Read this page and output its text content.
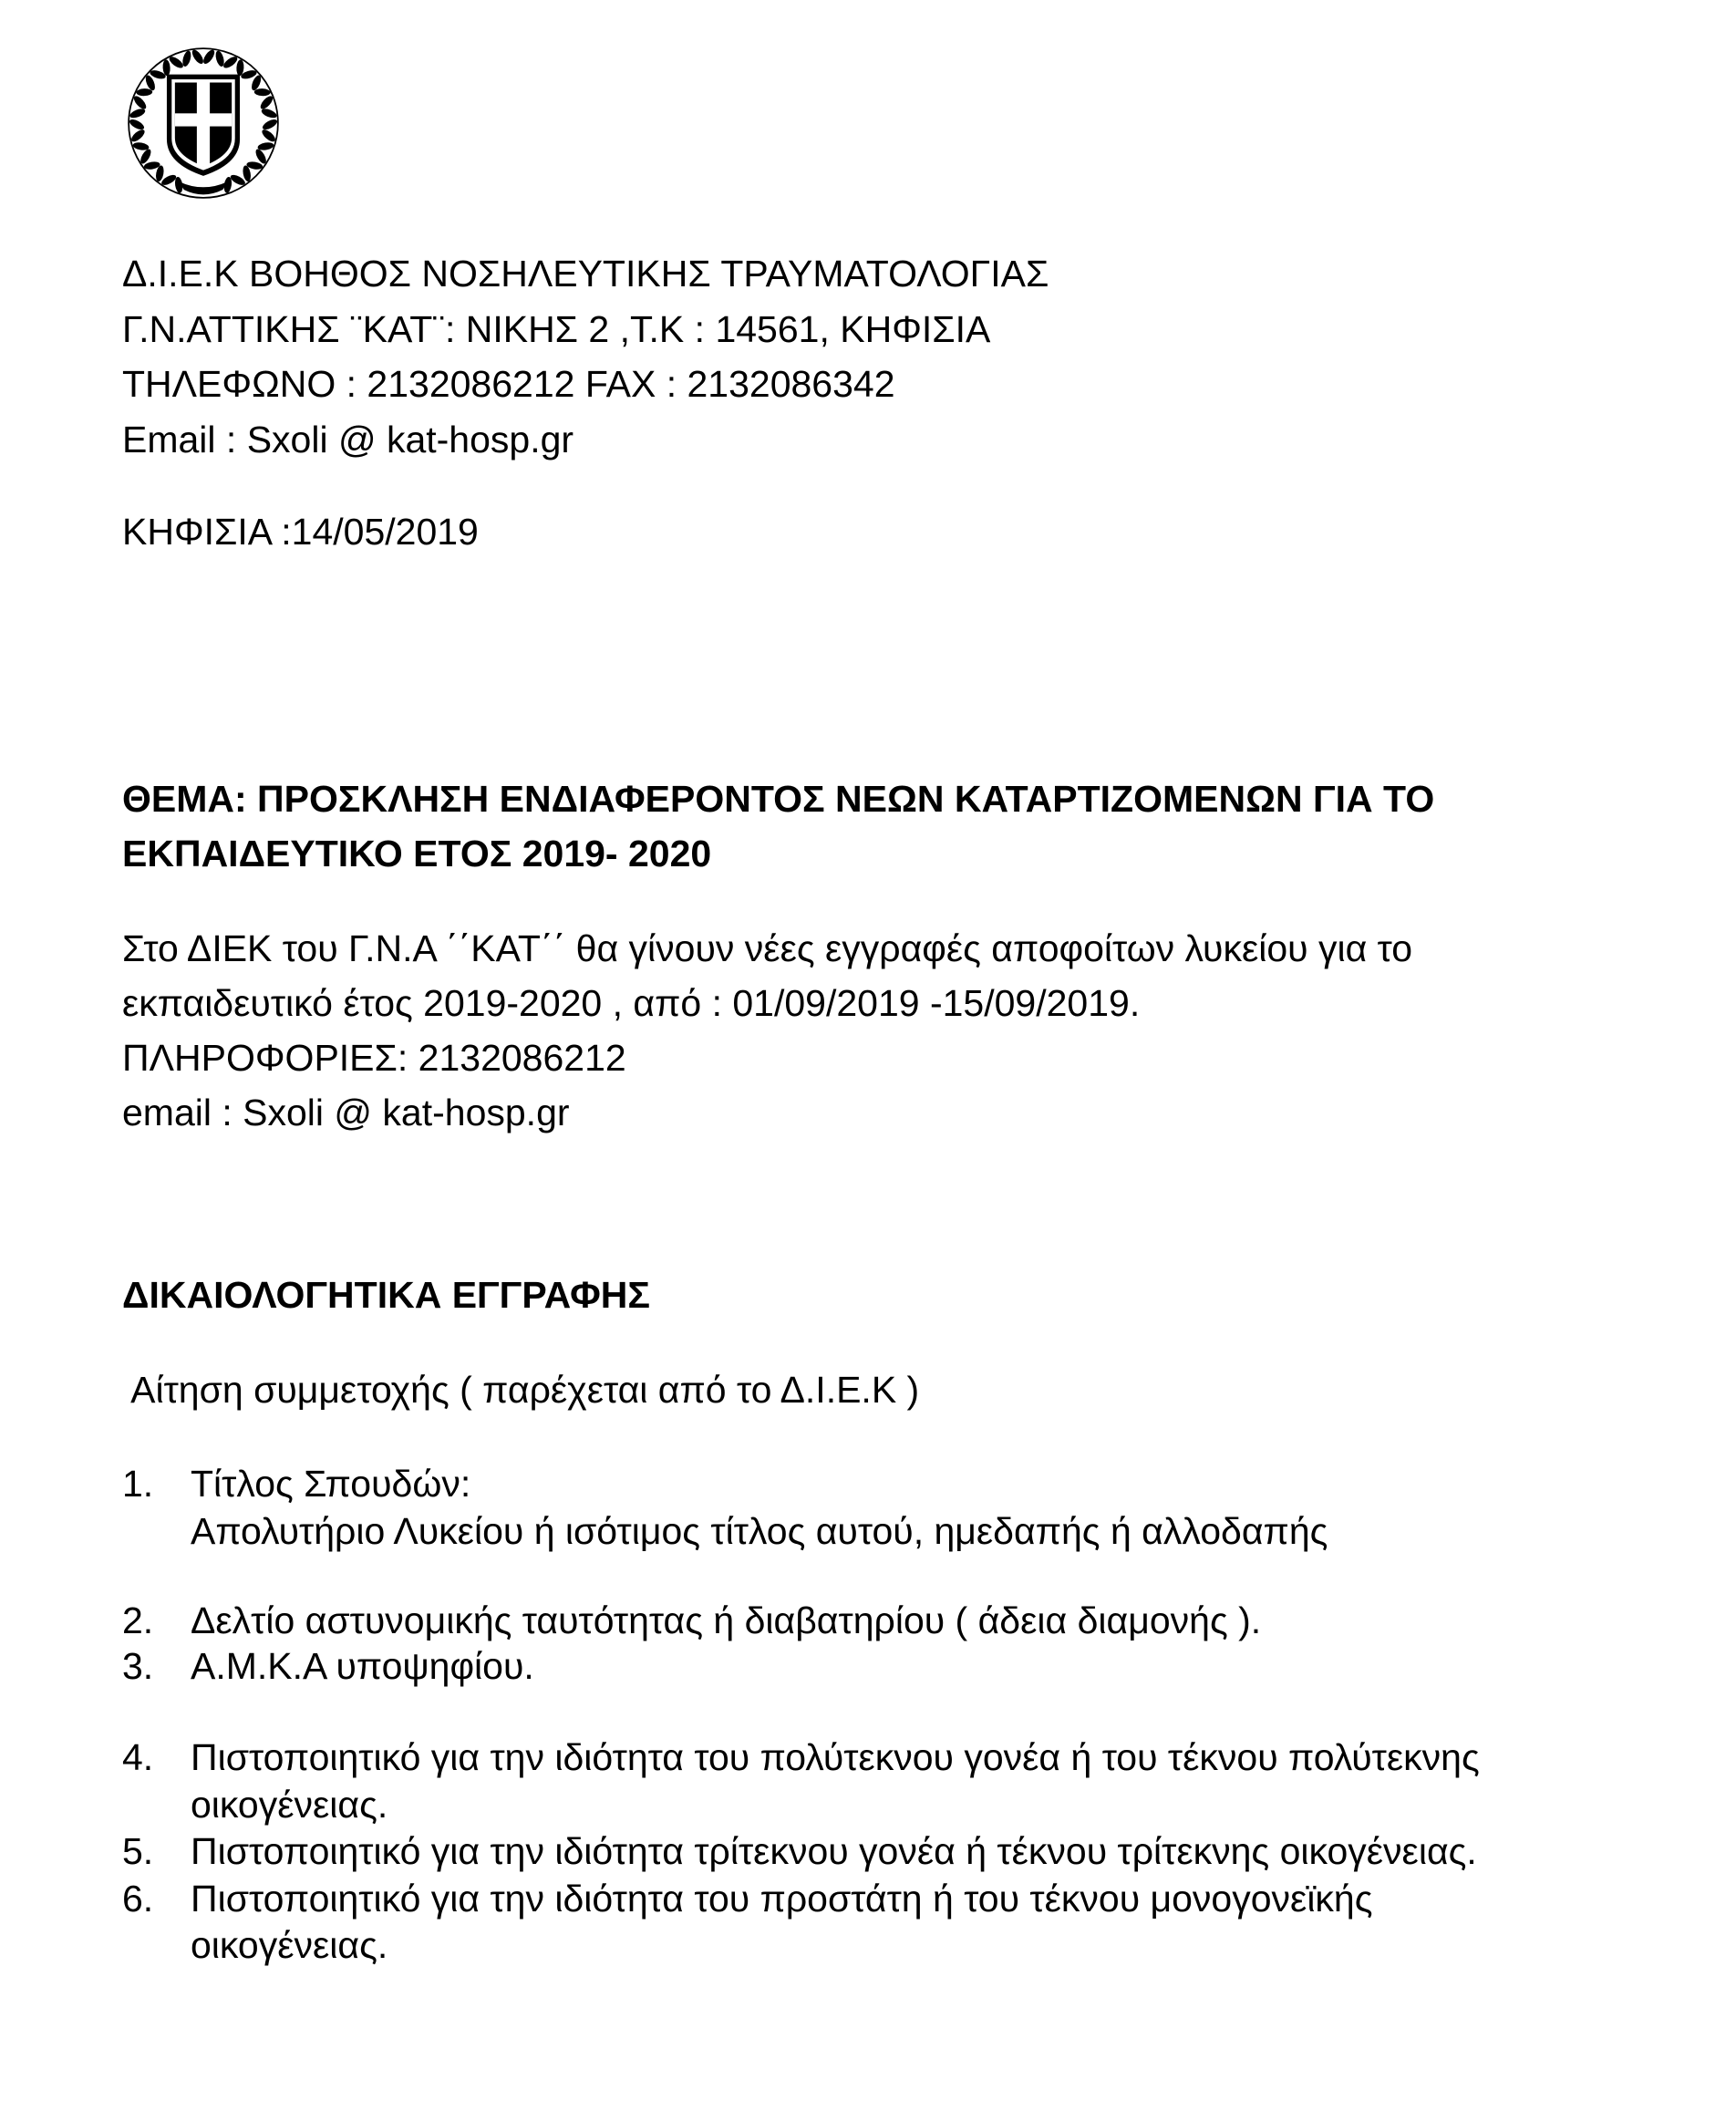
Δ.Ι.Ε.Κ ΒΟΗΘΟΣ ΝΟΣΗΛΕΥΤΙΚΗΣ ΤΡΑΥΜΑΤΟΛΟΓΙΑΣ
Γ.Ν.ΑΤΤΙΚΗΣ ¨ΚΑΤ¨: ΝΙΚΗΣ 2 ,Τ.Κ : 14561, ΚΗΦΙΣΙΑ
ΤΗΛΕΦΩΝΟ : 2132086212 FAX : 2132086342
Email : Sxoli @ kat-hosp.gr
ΚΗΦΙΣΙΑ :14/05/2019
ΘΕΜΑ: ΠΡΟΣΚΛΗΣΗ ΕΝΔΙΑΦΕΡΟΝΤΟΣ ΝΕΩΝ ΚΑΤΑΡΤΙΖΟΜΕΝΩΝ ΓΙΑ ΤΟ
ΕΚΠΑΙΔΕΥΤΙΚΟ ΕΤΟΣ 2019- 2020
Στο ΔΙΕΚ του Γ.Ν.Α ΄΄ΚΑΤ΄΄ θα γίνουν νέες εγγραφές αποφοίτων λυκείου για το
εκπαιδευτικό έτος 2019-2020 , από : 01/09/2019 -15/09/2019.
ΠΛΗΡΟΦΟΡΙΕΣ: 2132086212
email : Sxoli @ kat-hosp.gr
ΔΙΚΑΙΟΛΟΓΗΤΙΚΑ ΕΓΓΡΑΦΗΣ
Αίτηση συμμετοχής ( παρέχεται από το Δ.Ι.Ε.Κ )
1. Τίτλος Σπουδών:
Απολυτήριο Λυκείου ή ισότιμος τίτλος αυτού, ημεδαπής ή αλλοδαπής
2. Δελτίο αστυνομικής ταυτότητας ή διαβατηρίου ( άδεια διαμονής ).
3. Α.Μ.Κ.Α υποψηφίου.
4. Πιστοποιητικό για την ιδιότητα του πολύτεκνου γονέα ή του τέκνου πολύτεκνης
οικογένειας.
5. Πιστοποιητικό για την ιδιότητα τρίτεκνου γονέα ή τέκνου τρίτεκνης οικογένειας.
6. Πιστοποιητικό για την ιδιότητα του προστάτη ή του τέκνου μονογονεϊκής
οικογένειας.
